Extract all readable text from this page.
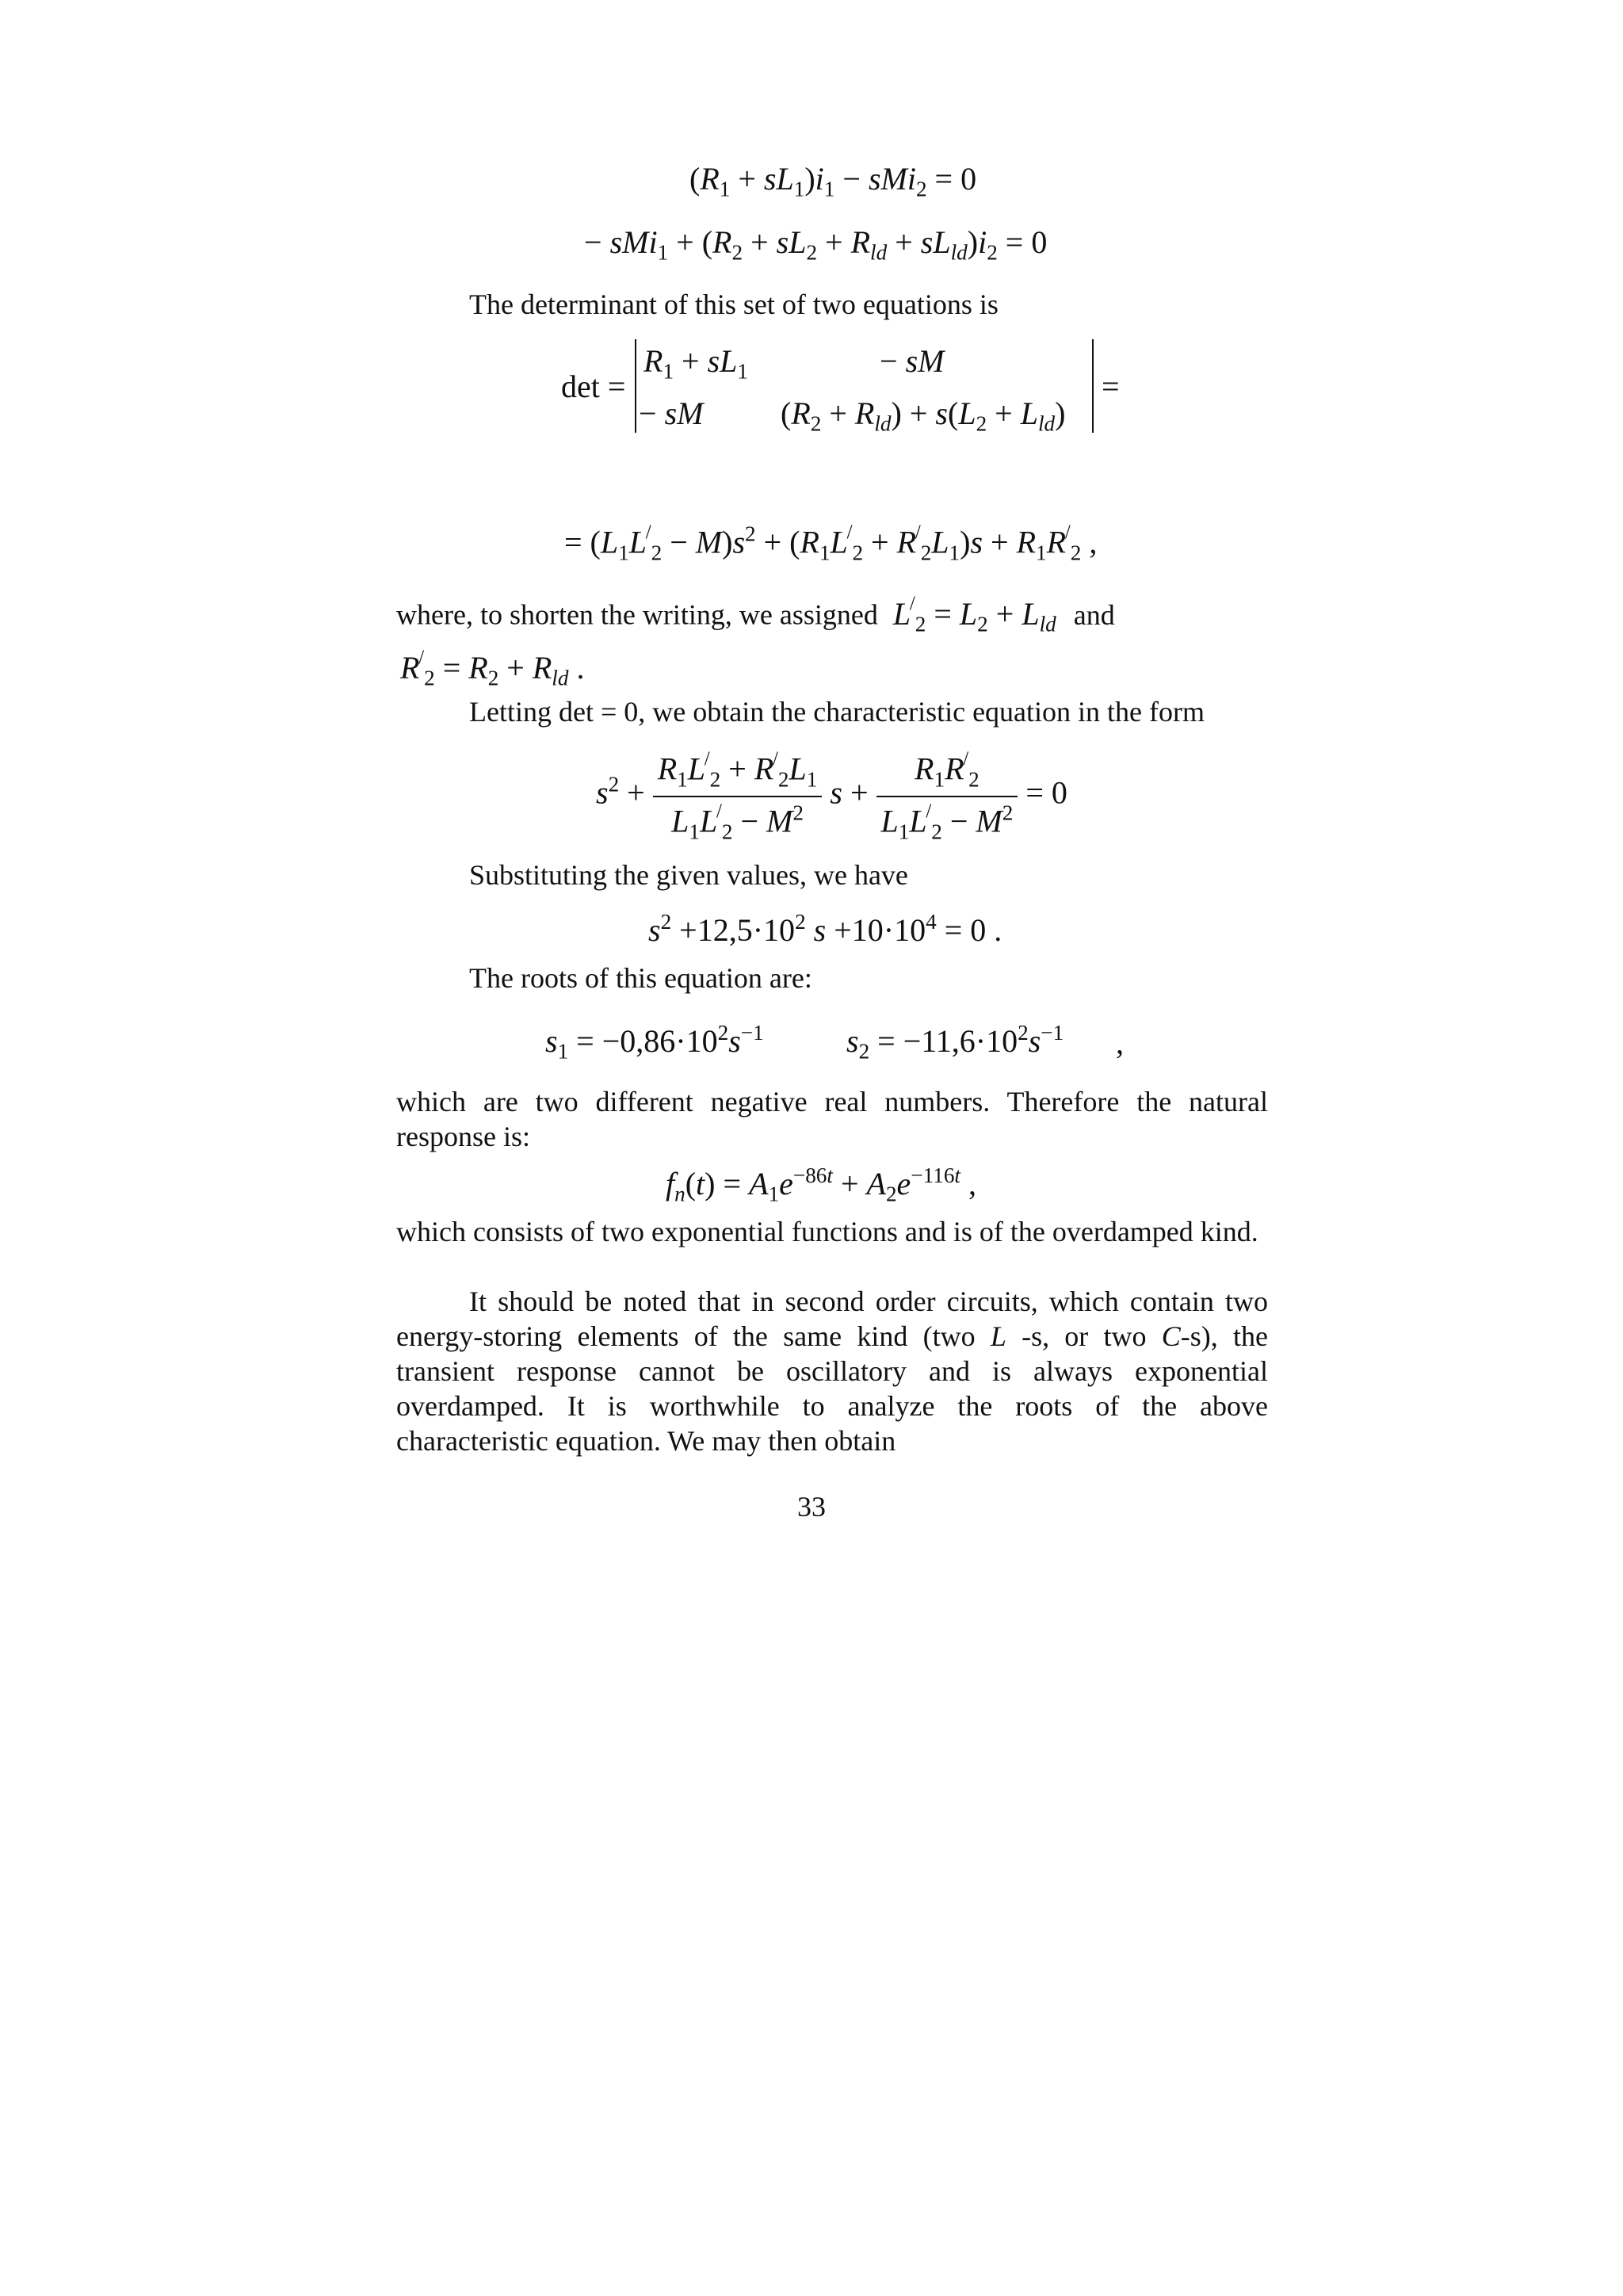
$(R_1 + sL_1)i_1 - sMi_2 = 0$
− $sMi_1 + (R_2 + sL_2 + R_{ld} + sL_{ld})i_2 = 0$
The determinant of this set of two equations is
det =
$R_1 + sL_1$	− sM
− sM $(R_2 + R_{ld}) + s(L_2 + L_{ld})$
=
= $(L_1L^/_2 - M)s^2 + (R_1L^/_2 + R^/_2L_1)s + R_1R^/_2$ ,
where, to shorten the writing, we assigned $L^/_2 = L_2 + L_{ld}$ and
$R^/_2 = R_2 + R_{ld}$ .
Letting det = 0, we obtain the characteristic equation in the form
$s^2 + \frac{R_1L^/_2 + R^/_2L_1}{L_1L^/_2 - M^2}$ $s + \frac{R_1R^/_2}{L_1L^/_2 - M^2} = 0$
Substituting the given values, we have
$s^2 +12,5\cdot 10^2$ $s +10\cdot 10^4 = 0$ .
The roots of this equation are:
$s_1 = -0,86\cdot 10^2s^{-1}$	$s_2 = -11,6\cdot 10^2s^{-1}$ ,
which are two different negative real numbers. Therefore the natural response is:
$f_n(t) = A_1e^{-86t} + A_2e^{-116t}$ ,
which consists of two exponential functions and is of the overdamped kind.
It should be noted that in second order circuits, which contain two energy-storing elements of the same kind (two L -s, or two C-s), the transient response cannot be oscillatory and is always exponential overdamped. It is worthwhile to analyze the roots of the above characteristic equation. We may then obtain
33
